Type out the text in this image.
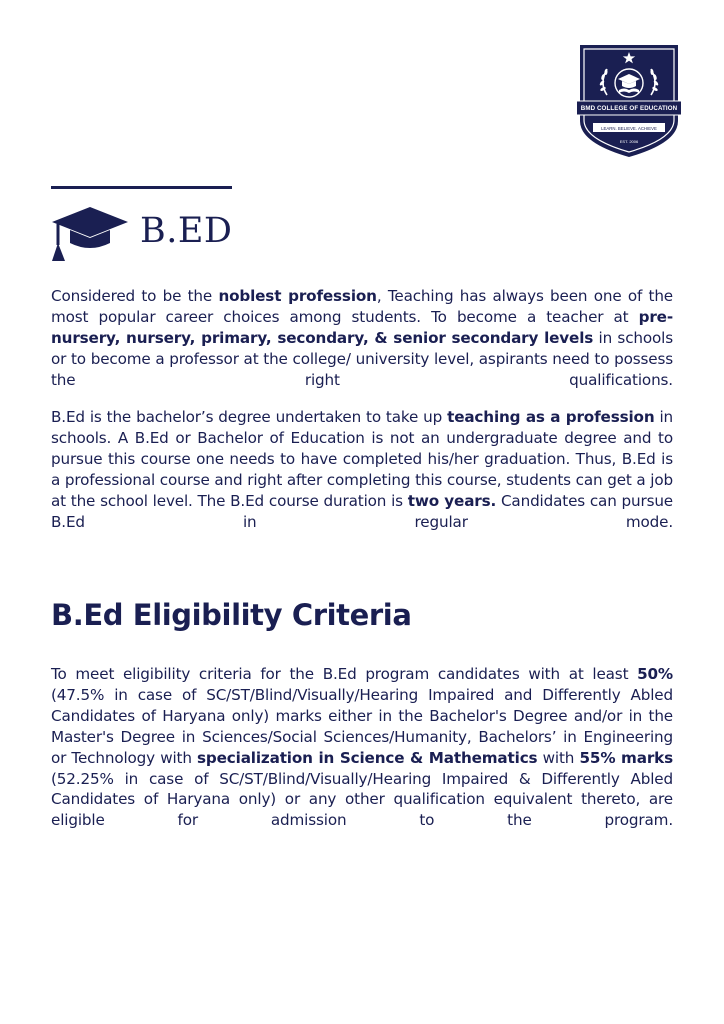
BMD COLLEGE OF EDUCATION
LEARN. BELIEVE. ACHIEVE
EST. 2006
B.ED

Considered to be the noblest profession, Teaching has always been one of the most popular career choices among students. To become a teacher at pre-nursery, nursery, primary, secondary, & senior secondary levels in schools or to become a professor at the college/ university level, aspirants need to possess the right qualifications.

B.Ed is the bachelor’s degree undertaken to take up teaching as a profession in schools. A B.Ed or Bachelor of Education is not an undergraduate degree and to pursue this course one needs to have completed his/her graduation. Thus, B.Ed is a professional course and right after completing this course, students can get a job at the school level. The B.Ed course duration is two years. Candidates can pursue B.Ed in regular mode.

B.Ed Eligibility Criteria

To meet eligibility criteria for the B.Ed program candidates with at least 50% (47.5% in case of SC/ST/Blind/Visually/Hearing Impaired and Differently Abled Candidates of Haryana only) marks either in the Bachelor's Degree and/or in the Master's Degree in Sciences/Social Sciences/Humanity, Bachelors’ in Engineering or Technology with specialization in Science & Mathematics with 55% marks (52.25% in case of SC/ST/Blind/Visually/Hearing Impaired & Differently Abled Candidates of Haryana only) or any other qualification equivalent thereto, are eligible for admission to the program.
